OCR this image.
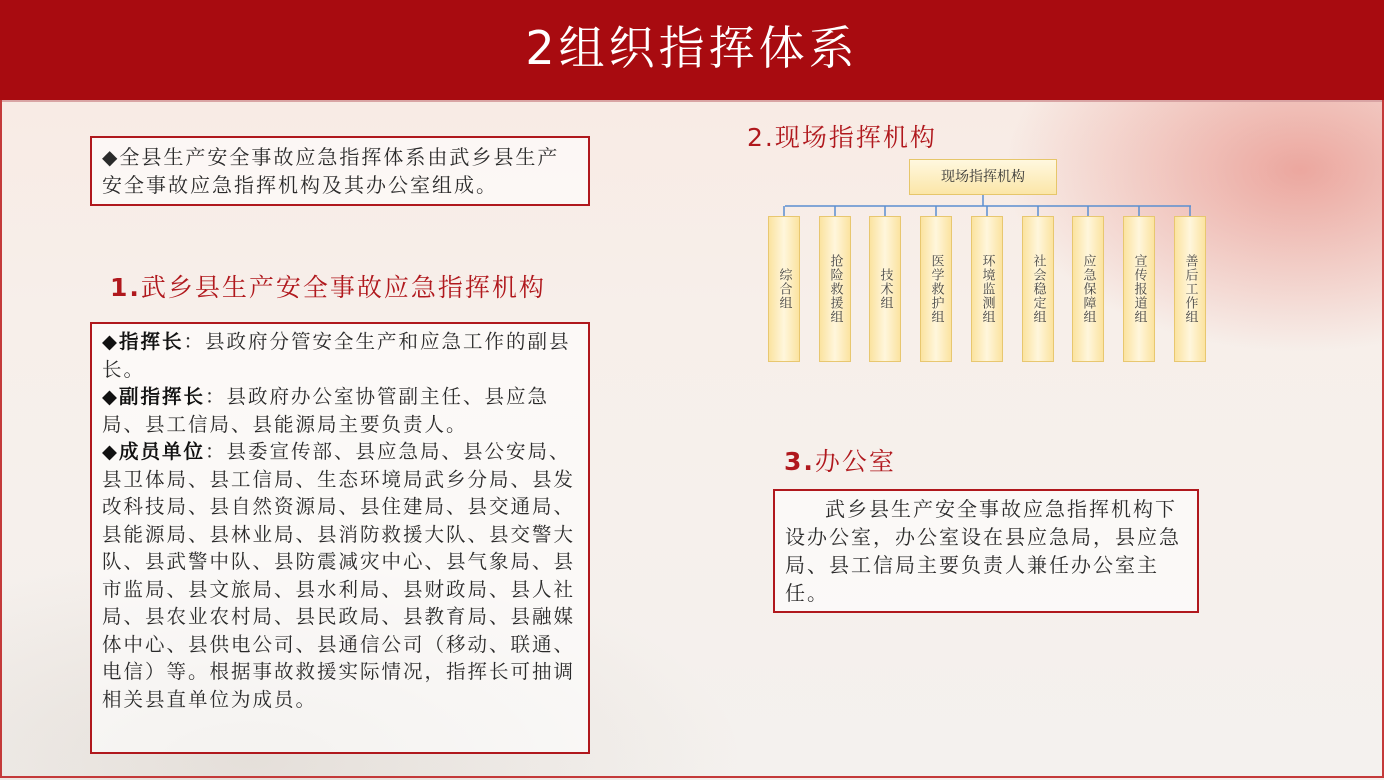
2组织指挥体系
◆全县生产安全事故应急指挥体系由武乡县生产安全事故应急指挥机构及其办公室组成。
1.武乡县生产安全事故应急指挥机构
◆指挥长：县政府分管安全生产和应急工作的副县长。
◆副指挥长：县政府办公室协管副主任、县应急局、县工信局、县能源局主要负责人。
◆成员单位：县委宣传部、县应急局、县公安局、县卫体局、县工信局、生态环境局武乡分局、县发改科技局、县自然资源局、县住建局、县交通局、县能源局、县林业局、县消防救援大队、县交警大队、县武警中队、县防震减灾中心、县气象局、县市监局、县文旅局、县水利局、县财政局、县人社局、县农业农村局、县民政局、县教育局、县融媒体中心、县供电公司、县通信公司（移动、联通、电信）等。根据事故救援实际情况，指挥长可抽调相关县直单位为成员。
2.现场指挥机构
现场指挥机构
综合组	抢险救援组	技术组	医学救护组	环境监测组	社会稳定组	应急保障组	宣传报道组	善后工作组
3.办公室
武乡县生产安全事故应急指挥机构下设办公室，办公室设在县应急局，县应急局、县工信局主要负责人兼任办公室主任。
